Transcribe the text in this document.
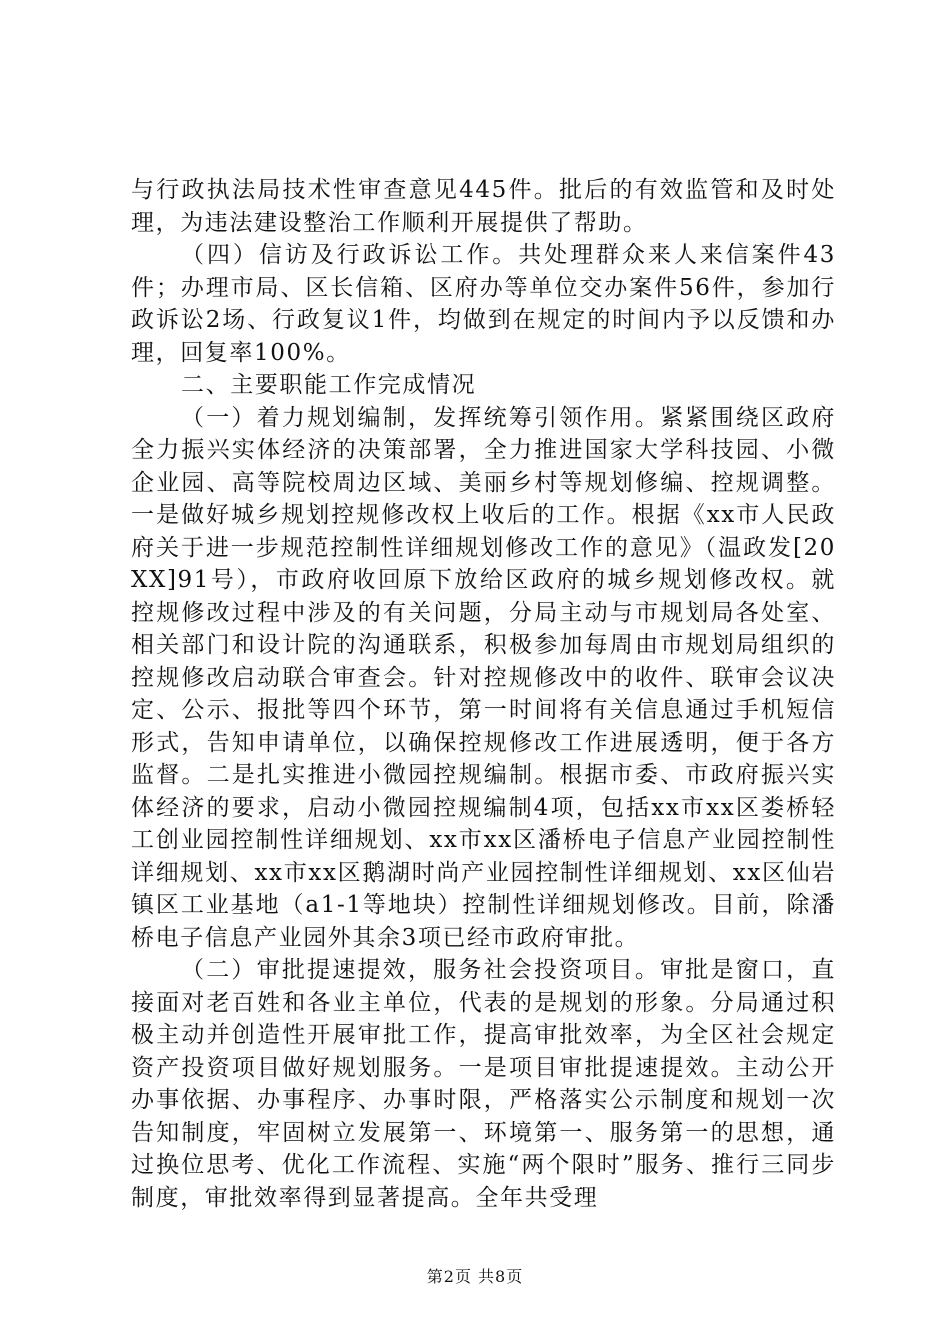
与行政执法局技术性审查意见445件。批后的有效监管和及时处理，为违法建设整治工作顺利开展提供了帮助。

（四）信访及行政诉讼工作。共处理群众来人来信案件43件；办理市局、区长信箱、区府办等单位交办案件56件，参加行政诉讼2场、行政复议1件，均做到在规定的时间内予以反馈和办理，回复率100%。

二、主要职能工作完成情况

（一）着力规划编制，发挥统筹引领作用。紧紧围绕区政府全力振兴实体经济的决策部署，全力推进国家大学科技园、小微企业园、高等院校周边区域、美丽乡村等规划修编、控规调整。一是做好城乡规划控规修改权上收后的工作。根据《xx市人民政府关于进一步规范控制性详细规划修改工作的意见》（温政发[20XX]91号），市政府收回原下放给区政府的城乡规划修改权。就控规修改过程中涉及的有关问题，分局主动与市规划局各处室、相关部门和设计院的沟通联系，积极参加每周由市规划局组织的控规修改启动联合审查会。针对控规修改中的收件、联审会议决定、公示、报批等四个环节，第一时间将有关信息通过手机短信形式，告知申请单位，以确保控规修改工作进展透明，便于各方监督。二是扎实推进小微园控规编制。根据市委、市政府振兴实体经济的要求，启动小微园控规编制4项，包括xx市xx区娄桥轻工创业园控制性详细规划、xx市xx区潘桥电子信息产业园控制性详细规划、xx市xx区鹅湖时尚产业园控制性详细规划、xx区仙岩镇区工业基地（a1-1等地块）控制性详细规划修改。目前，除潘桥电子信息产业园外其余3项已经市政府审批。

（二）审批提速提效，服务社会投资项目。审批是窗口，直接面对老百姓和各业主单位，代表的是规划的形象。分局通过积极主动并创造性开展审批工作，提高审批效率，为全区社会规定资产投资项目做好规划服务。一是项目审批提速提效。主动公开办事依据、办事程序、办事时限，严格落实公示制度和规划一次告知制度，牢固树立发展第一、环境第一、服务第一的思想，通过换位思考、优化工作流程、实施“两个限时”服务、推行三同步制度，审批效率得到显著提高。全年共受理

第2页 共8页
